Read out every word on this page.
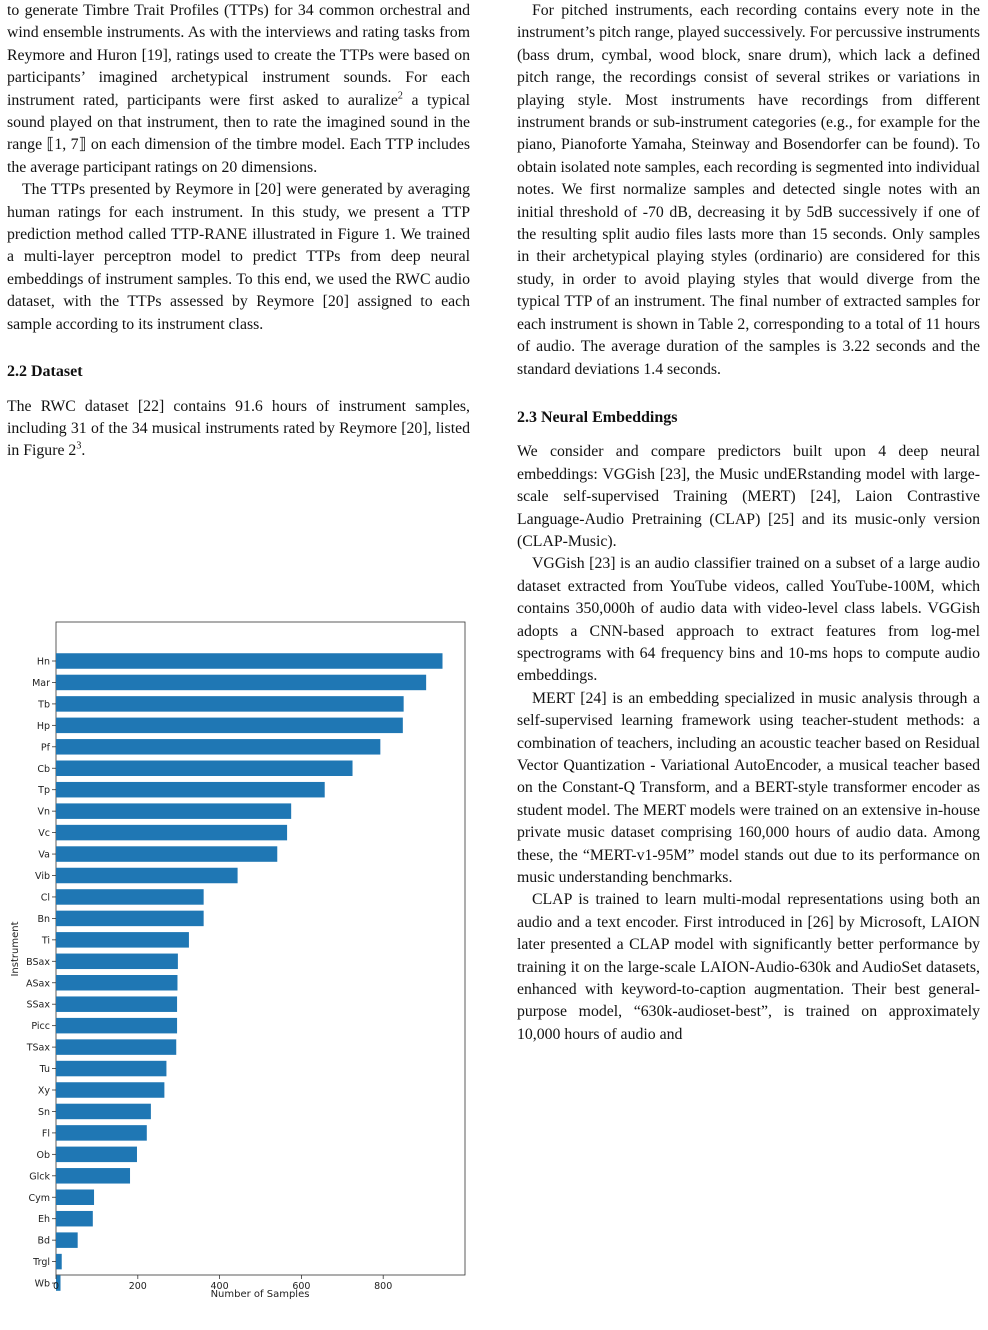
to generate Timbre Trait Profiles (TTPs) for 34 common orchestral and wind ensemble instruments. As with the interviews and rating tasks from Reymore and Huron [19], ratings used to create the TTPs were based on participants’ imagined archetypical instrument sounds. For each instrument rated, participants were first asked to auralize$^2$ a typical sound played on that instrument, then to rate the imagined sound in the range ⟦1, 7⟧ on each dimension of the timbre model. Each TTP includes the average participant ratings on 20 dimensions.

The TTPs presented by Reymore in [20] were generated by averaging human ratings for each instrument. In this study, we present a TTP prediction method called TTP-RANE illustrated in Figure 1. We trained a multi-layer perceptron model to predict TTPs from deep neural embeddings of instrument samples. To this end, we used the RWC audio dataset, with the TTPs assessed by Reymore [20] assigned to each sample according to its instrument class.

2.2 Dataset

The RWC dataset [22] contains 91.6 hours of instrument samples, including 31 of the 34 musical instruments rated by Reymore [20], listed in Figure $2^3$.

Hn
Mar
Tb
Hp
Pf
Cb
Tp
Vn
Vc
Va
Vib
Cl
Bn
Ti
BSax
ASax
SSax
Picc
TSax
Tu
Xy
Sn
Fl
Ob
Glck
Cym
Eh
Bd
Trgl
Wb 0	200	400	600	800
Number of Samples
Instrument

For pitched instruments, each recording contains every note in the instrument’s pitch range, played successively. For percussive instruments (bass drum, cymbal, wood block, snare drum), which lack a defined pitch range, the recordings consist of several strikes or variations in playing style. Most instruments have recordings from different instrument brands or sub-instrument categories (e.g., for example for the piano, Pianoforte Yamaha, Steinway and Bosendorfer can be found). To obtain isolated note samples, each recording is segmented into individual notes. We first normalize samples and detected single notes with an initial threshold of -70 dB, decreasing it by 5dB successively if one of the resulting split audio files lasts more than 15 seconds. Only samples in their archetypical playing styles (ordinario) are considered for this study, in order to avoid playing styles that would diverge from the typical TTP of an instrument. The final number of extracted samples for each instrument is shown in Table 2, corresponding to a total of 11 hours of audio. The average duration of the samples is 3.22 seconds and the standard deviations 1.4 seconds.

2.3 Neural Embeddings

We consider and compare predictors built upon 4 deep neural embeddings: VGGish [23], the Music undERstanding model with large-scale self-supervised Training (MERT) [24], Laion Contrastive Language-Audio Pretraining (CLAP) [25] and its music-only version (CLAP-Music).

VGGish [23] is an audio classifier trained on a subset of a large audio dataset extracted from YouTube videos, called YouTube-100M, which contains 350,000h of audio data with video-level class labels. VGGish adopts a CNN-based approach to extract features from log-mel spectrograms with 64 frequency bins and 10-ms hops to compute audio embeddings.

MERT [24] is an embedding specialized in music analysis through a self-supervised learning framework using teacher-student methods: a combination of teachers, including an acoustic teacher based on Residual Vector Quantization - Variational AutoEncoder, a musical teacher based on the Constant-Q Transform, and a BERT-style transformer encoder as student model. The MERT models were trained on an extensive in-house private music dataset comprising 160,000 hours of audio data. Among these, the “MERT-v1-95M” model stands out due to its performance on music understanding benchmarks.

CLAP is trained to learn multi-modal representations using both an audio and a text encoder. First introduced in [26] by Microsoft, LAION later presented a CLAP model with significantly better performance by training it on the large-scale LAION-Audio-630k and AudioSet datasets, enhanced with keyword-to-caption augmentation. Their best general-purpose model, “630k-audioset-best”, is trained on approximately 10,000 hours of audio and
